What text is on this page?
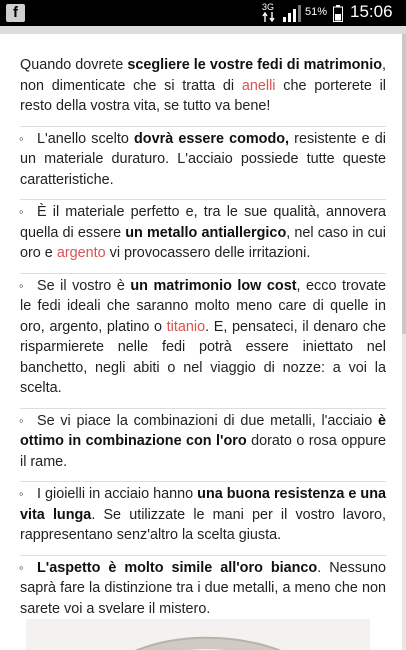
f	3G	51% 15:06

Quando dovrete scegliere le vostre fedi di matrimonio, non dimenticate che si tratta di anelli che porterete il resto della vostra vita, se tutto va bene!

◦ L'anello scelto dovrà essere comodo, resistente e di un materiale duraturo. L'acciaio possiede tutte queste caratteristiche.
◦ È il materiale perfetto e, tra le sue qualità, annovera quella di essere un metallo antiallergico, nel caso in cui oro e argento vi provocassero delle irritazioni.
◦ Se il vostro è un matrimonio low cost, ecco trovate le fedi ideali che saranno molto meno care di quelle in oro, argento, platino o titanio. E, pensateci, il denaro che risparmierete nelle fedi potrà essere iniettato nel banchetto, negli abiti o nel viaggio di nozze: a voi la scelta.
◦ Se vi piace la combinazioni di due metalli, l'acciaio è ottimo in combinazione con l'oro dorato o rosa oppure il rame.
◦ I gioielli in acciaio hanno una buona resistenza e una vita lunga. Se utilizzate le mani per il vostro lavoro, rappresentano senz'altro la scelta giusta.
◦ L'aspetto è molto simile all'oro bianco. Nessuno saprà fare la distinzione tra i due metalli, a meno che non sarete voi a svelare il mistero.
